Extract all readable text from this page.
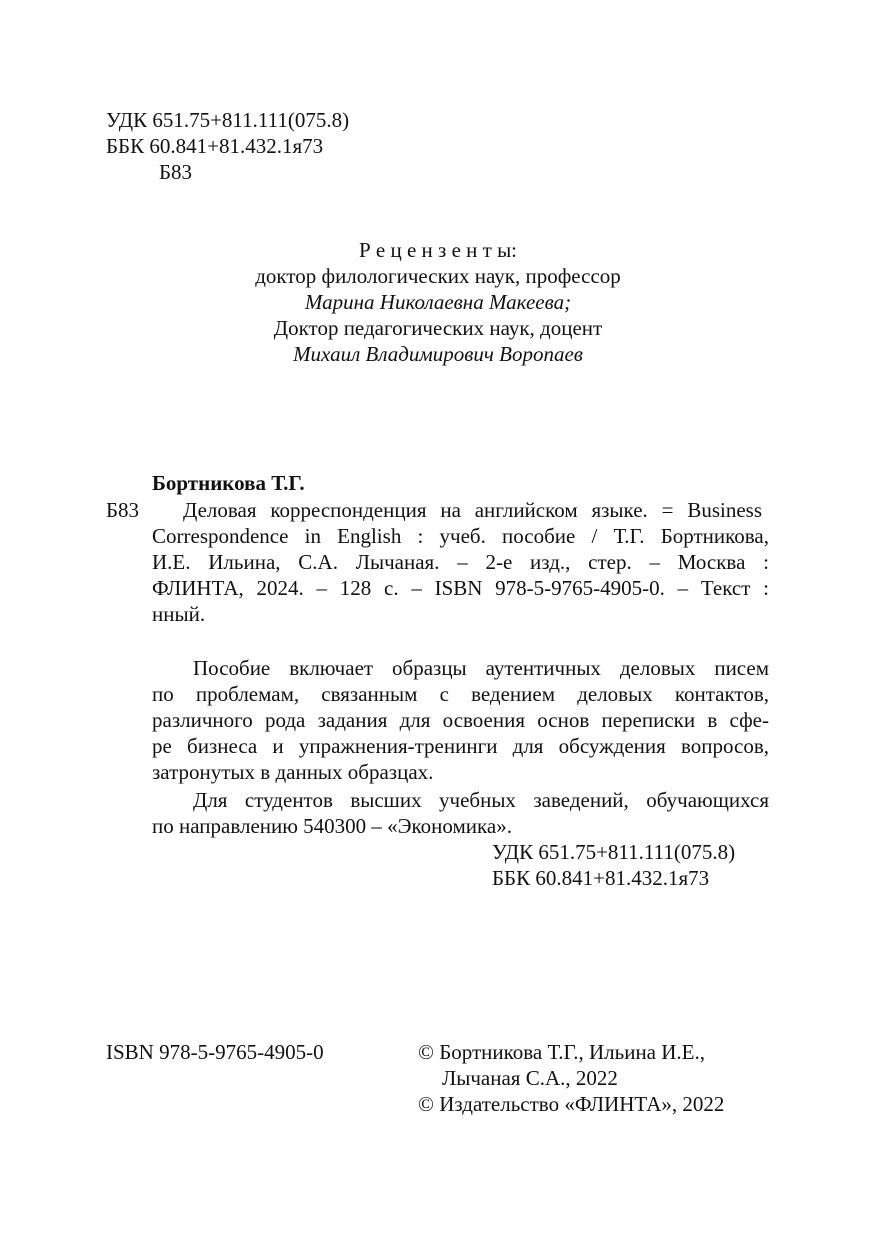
УДК 651.75+811.111(075.8)
ББК 60.841+81.432.1я73
Б83
Р е ц е н з е н т ы:
доктор филологических наук, профессор
Марина Николаевна Макеева;
Доктор педагогических наук, доцент
Михаил Владимирович Воропаев
Бортникова Т.Г.
Б83 Деловая корреспонденция на английском языке. = Business
Correspondence in English : учеб. пособие / Т.Г. Бортникова,
И.Е. Ильина, С.А. Лычаная. – 2-е изд., стер. – Москва :
ФЛИНТА, 2024. – 128 с. – ISBN 978-5-9765-4905-0. – Текст :
нный.
Пособие включает образцы аутентичных деловых писем
по проблемам, связанным с ведением деловых контактов,
различного рода задания для освоения основ переписки в сфе-
ре бизнеса и упражнения-тренинги для обсуждения вопросов,
затронутых в данных образцах.
Для студентов высших учебных заведений, обучающихся
по направлению 540300 – «Экономика».
УДК 651.75+811.111(075.8)
ББК 60.841+81.432.1я73
ISBN 978-5-9765-4905-0	© Бортникова Т.Г., Ильина И.Е.,
Лычаная С.А., 2022
© Издательство «ФЛИНТА», 2022
